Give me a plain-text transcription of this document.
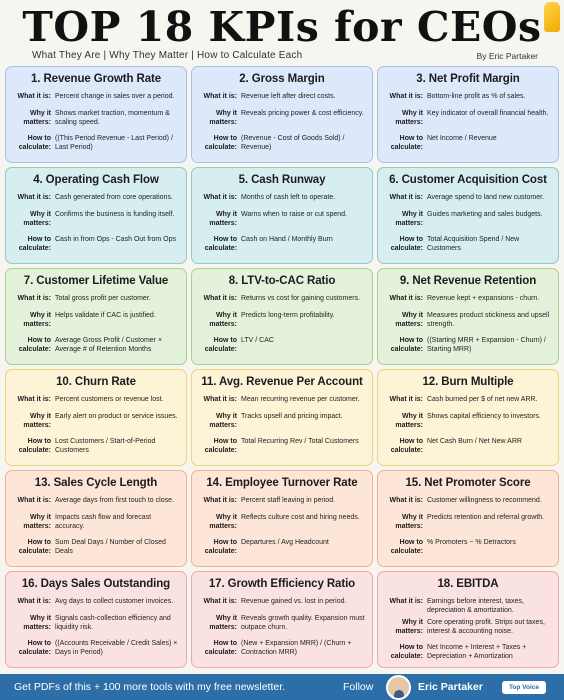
TOP 18 KPIs for CEOs
What They Are | Why They Matter | How to Calculate Each	By Eric Partaker
1. Revenue Growth Rate
What it is: Percent change in sales over a period.
Why it matters:
Shows market traction, momentum & scaling speed.
How to calculate:
((This Period Revenue - Last Period) / Last Period)
2. Gross Margin
What it is: Revenue left after direct costs.
Why it matters:
Reveals pricing power & cost efficiency.
How to calculate:
(Revenue - Cost of Goods Sold) / Revenue)
3. Net Profit Margin
What it is: Bottom-line profit as % of sales.
Why it matters:
Key indicator of overall financial health.
How to calculate:
Net Income / Revenue
4. Operating Cash Flow
What it is: Cash generated from core operations.
Why it matters:
Confirms the business is funding itself.
How to calculate:
Cash in from Ops - Cash Out from Ops
5. Cash Runway
What it is: Months of cash left to operate.
Why it matters:
Warns when to raise or cut spend.
How to calculate:
Cash on Hand / Monthly Burn
6. Customer Acquisition Cost
What it is: Average spend to land new customer.
Why it matters:
Guides marketing and sales budgets.
How to calculate:
Total Acquisition Spend / New Customers
7. Customer Lifetime Value
What it is: Total gross profit per customer.
Why it matters:
Helps validate if CAC is justified.
How to calculate:
Average Gross Profit / Customer × Average # of Retention Months
8. LTV-to-CAC Ratio
What it is: Returns vs cost for gaining customers.
Why it matters:
Predicts long-term profitability.
How to calculate:
LTV / CAC
9. Net Revenue Retention
What it is: Revenue kept + expansions - churn.
Why it matters:
Measures product stickiness and upsell strength.
How to calculate:
((Starting MRR + Expansion - Churn) / Starting MRR)
10. Churn Rate
What it is: Percent customers or revenue lost.
Why it matters:
Early alert on product or service issues.
How to calculate:
Lost Customers / Start-of-Period Customers
11. Avg. Revenue Per Account
What it is: Mean recurring revenue per customer.
Why it matters:
Tracks upsell and pricing impact.
How to calculate:
Total Recurring Rev / Total Customers
12. Burn Multiple
What it is: Cash burned per $ of net new ARR.
Why it matters:
Shows capital efficiency to investors.
How to calculate:
Net Cash Burn / Net New ARR
13. Sales Cycle Length
What it is: Average days from first touch to close.
Why it matters:
Impacts cash flow and forecast accuracy.
How to calculate:
Sum Deal Days / Number of Closed Deals
14. Employee Turnover Rate
What it is: Percent staff leaving in period.
Why it matters:
Reflects culture cost and hiring needs.
How to calculate:
Departures / Avg Headcount
15. Net Promoter Score
What it is: Customer willingness to recommend.
Why it matters:
Predicts retention and referral growth.
How to calculate:
% Promoters − % Detractors
16. Days Sales Outstanding
What it is: Avg days to collect customer invoices.
Why it matters:
Signals cash-collection efficiency and liquidity risk.
How to calculate:
((Accounts Receivable / Credit Sales) × Days in Period)
17. Growth Efficiency Ratio
What it is: Revenue gained vs. lost in period.
Why it matters:
Reveals growth quality. Expansion must outpace churn.
How to calculate:
(New + Expansion MRR) / (Churn + Contraction MRR)
18. EBITDA
What it is: Earnings before interest, taxes, depreciation & amortization.
Why it matters:
Core operating profit. Strips out taxes, interest & accounting noise.
How to calculate:
Net Income + Interest + Taxes + Depreciation + Amortization
Get PDFs of this + 100 more tools with my free newsletter.	Follow	Eric Partaker	Top Voice
